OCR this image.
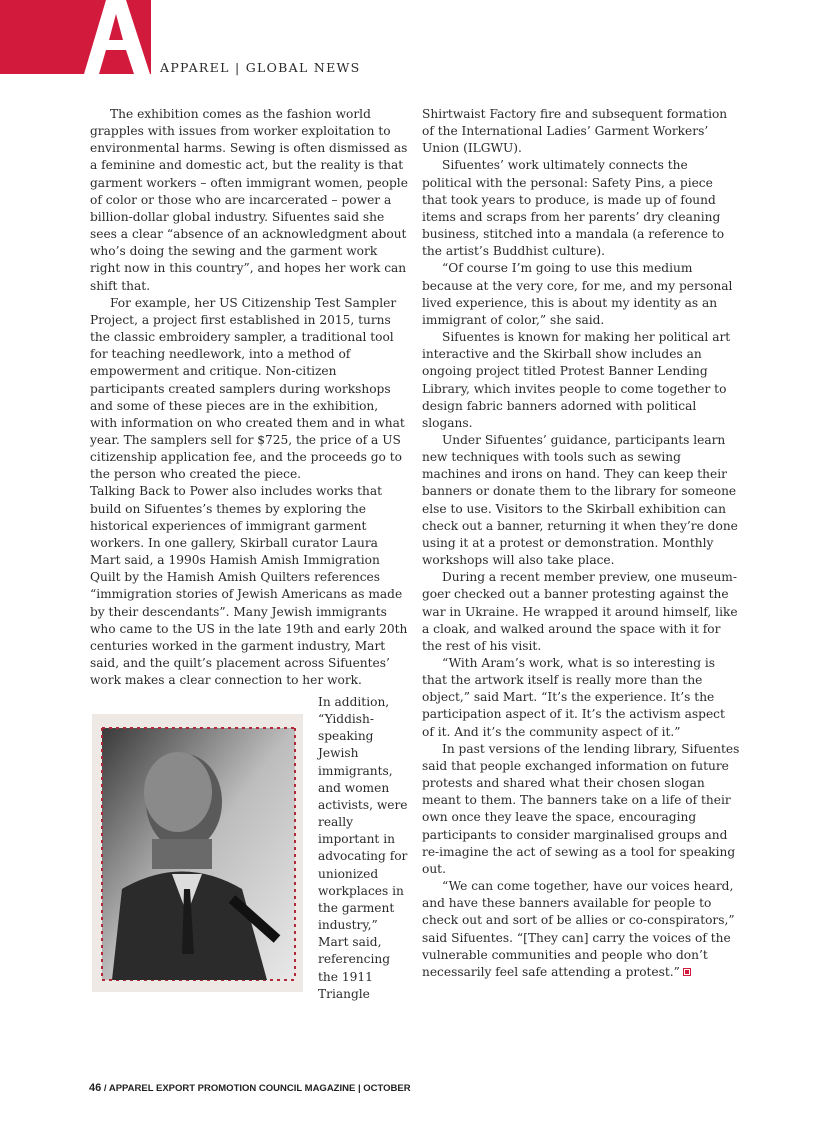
APPAREL | GLOBAL NEWS

The exhibition comes as the fashion world grapples with issues from worker exploitation to environmental harms. Sewing is often dismissed as a feminine and domestic act, but the reality is that garment workers – often immigrant women, people of color or those who are incarcerated – power a billion-dollar global industry. Sifuentes said she sees a clear “absence of an acknowledgment about who’s doing the sewing and the garment work right now in this country”, and hopes her work can shift that.

For example, her US Citizenship Test Sampler Project, a project first established in 2015, turns the classic embroidery sampler, a traditional tool for teaching needlework, into a method of empowerment and critique. Non-citizen participants created samplers during workshops and some of these pieces are in the exhibition, with information on who created them and in what year. The samplers sell for $725, the price of a US citizenship application fee, and the proceeds go to the person who created the piece.

Talking Back to Power also includes works that build on Sifuentes’s themes by exploring the historical experiences of immigrant garment workers. In one gallery, Skirball curator Laura Mart said, a 1990s Hamish Amish Immigration Quilt by the Hamish Amish Quilters references “immigration stories of Jewish Americans as made by their descendants”. Many Jewish immigrants who came to the US in the late 19th and early 20th centuries worked in the garment industry, Mart said, and the quilt’s placement across Sifuentes’ work makes a clear connection to her work.

In addition, “Yiddish-speaking Jewish immigrants, and women activists, were really important in advocating for unionized workplaces in the garment industry,” Mart said, referencing the 1911 Triangle

Shirtwaist Factory fire and subsequent formation of the International Ladies’ Garment Workers’ Union (ILGWU).

Sifuentes’ work ultimately connects the political with the personal: Safety Pins, a piece that took years to produce, is made up of found items and scraps from her parents’ dry cleaning business, stitched into a mandala (a reference to the artist’s Buddhist culture).

“Of course I’m going to use this medium because at the very core, for me, and my personal lived experience, this is about my identity as an immigrant of color,” she said.

Sifuentes is known for making her political art interactive and the Skirball show includes an ongoing project titled Protest Banner Lending Library, which invites people to come together to design fabric banners adorned with political slogans.

Under Sifuentes’ guidance, participants learn new techniques with tools such as sewing machines and irons on hand. They can keep their banners or donate them to the library for someone else to use. Visitors to the Skirball exhibition can check out a banner, returning it when they’re done using it at a protest or demonstration. Monthly workshops will also take place.

During a recent member preview, one museum-goer checked out a banner protesting against the war in Ukraine. He wrapped it around himself, like a cloak, and walked around the space with it for the rest of his visit.

“With Aram’s work, what is so interesting is that the artwork itself is really more than the object,” said Mart. “It’s the experience. It’s the participation aspect of it. It’s the activism aspect of it. And it’s the community aspect of it.”

In past versions of the lending library, Sifuentes said that people exchanged information on future protests and shared what their chosen slogan meant to them. The banners take on a life of their own once they leave the space, encouraging participants to consider marginalised groups and re-imagine the act of sewing as a tool for speaking out.

“We can come together, have our voices heard, and have these banners available for people to check out and sort of be allies or co-conspirators,” said Sifuentes. “[They can] carry the voices of the vulnerable communities and people who don’t necessarily feel safe attending a protest.”

46 / APPAREL EXPORT PROMOTION COUNCIL MAGAZINE | OCTOBER
